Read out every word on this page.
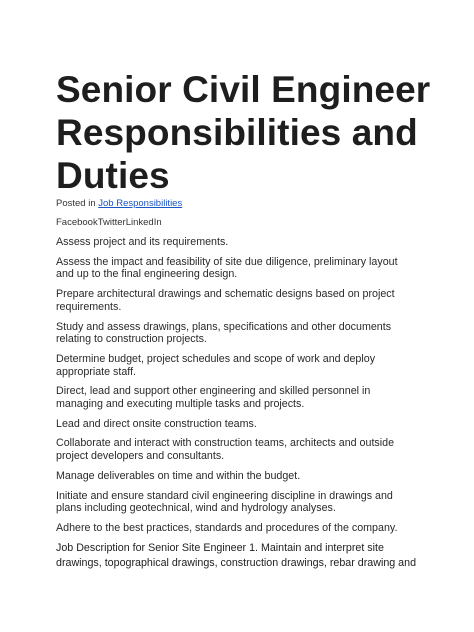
Senior Civil Engineer Responsibilities and Duties
Posted in Job Responsibilities
FacebookTwitterLinkedIn

Assess project and its requirements.

Assess the impact and feasibility of site due diligence, preliminary layout and up to the final engineering design.

Prepare architectural drawings and schematic designs based on project requirements.

Study and assess drawings, plans, specifications and other documents relating to construction projects.

Determine budget, project schedules and scope of work and deploy appropriate staff.

Direct, lead and support other engineering and skilled personnel in managing and executing multiple tasks and projects.

Lead and direct onsite construction teams.

Collaborate and interact with construction teams, architects and outside project developers and consultants.

Manage deliverables on time and within the budget.

Initiate and ensure standard civil engineering discipline in drawings and plans including geotechnical, wind and hydrology analyses.

Adhere to the best practices, standards and procedures of the company.

Job Description for Senior Site Engineer 1. Maintain and interpret site drawings, topographical drawings, construction drawings, rebar drawing and
